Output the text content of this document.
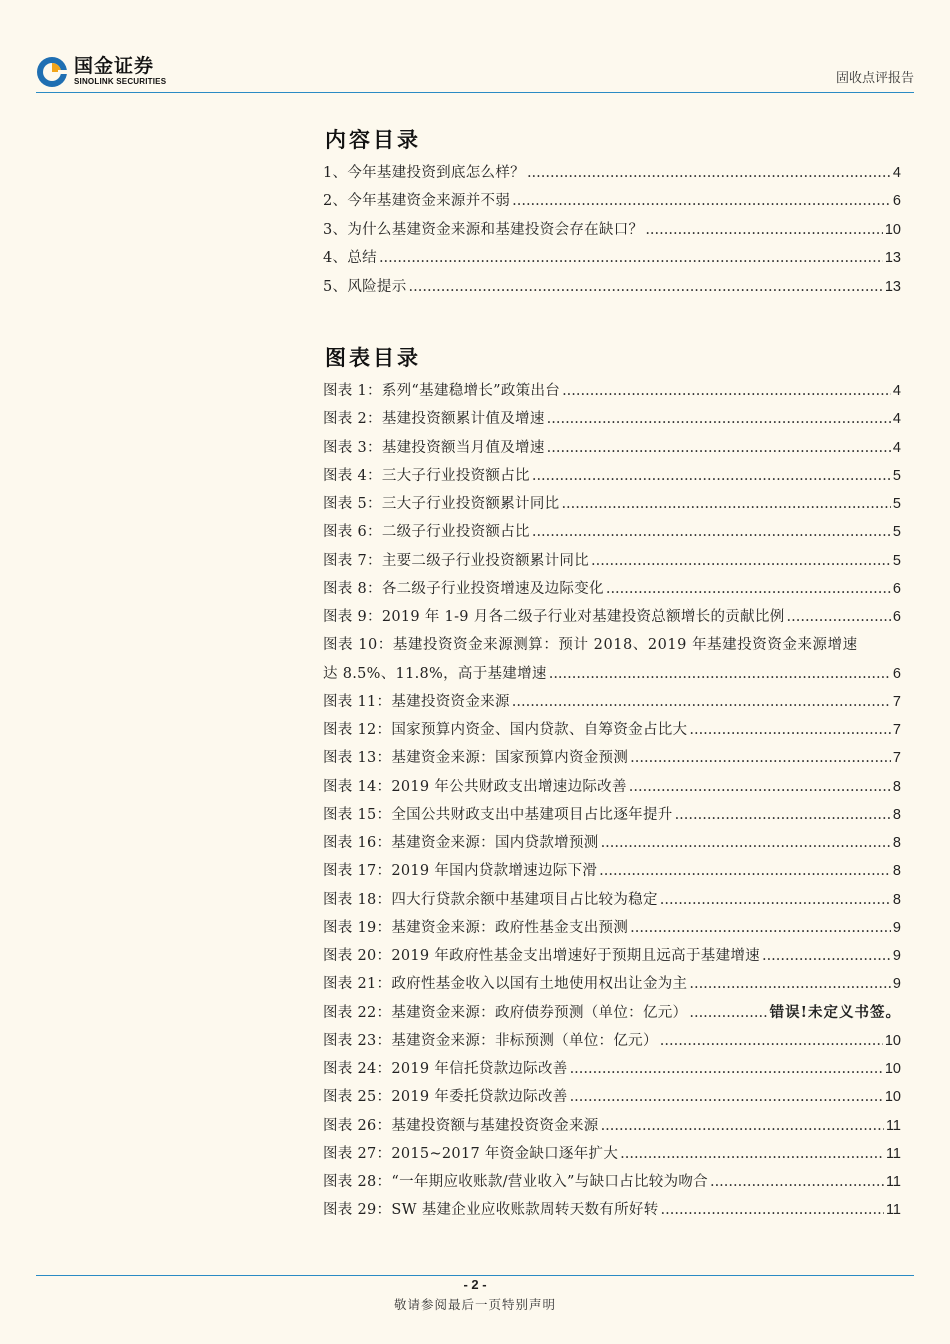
国金证券
SINOLINK SECURITIES	固收点评报告
内容目录
1、今年基建投资到底怎么样？ .....	4
2、今年基建资金来源并不弱 .....	6
3、为什么基建资金来源和基建投资会存在缺口？ .....	10
4、总结 .....	13
5、风险提示 .....	13
图表目录
图表 1：系列“基建稳增长”政策出台 .....	4
图表 2：基建投资额累计值及增速 .....	4
图表 3：基建投资额当月值及增速 .....	4
图表 4：三大子行业投资额占比 .....	5
图表 5：三大子行业投资额累计同比 .....	5
图表 6：二级子行业投资额占比 .....	5
图表 7：主要二级子行业投资额累计同比 .....	5
图表 8：各二级子行业投资增速及边际变化 .....	6
图表 9：2019 年 1-9 月各二级子行业对基建投资总额增长的贡献比例 .....	6
图表 10：基建投资资金来源测算：预计 2018、2019 年基建投资资金来源增速
达 8.5%、11.8%，高于基建增速 .....	6
图表 11：基建投资资金来源 .....	7
图表 12：国家预算内资金、国内贷款、自筹资金占比大 .....	7
图表 13：基建资金来源：国家预算内资金预测 .....	7
图表 14：2019 年公共财政支出增速边际改善 .....	8
图表 15：全国公共财政支出中基建项目占比逐年提升 .....	8
图表 16：基建资金来源：国内贷款增预测 .....	8
图表 17：2019 年国内贷款增速边际下滑 .....	8
图表 18：四大行贷款余额中基建项目占比较为稳定 .....	8
图表 19：基建资金来源：政府性基金支出预测 .....	9
图表 20：2019 年政府性基金支出增速好于预期且远高于基建增速 .....	9
图表 21：政府性基金收入以国有土地使用权出让金为主 .....	9
图表 22：基建资金来源：政府债券预测（单位：亿元） .....	错误!未定义书签。
图表 23：基建资金来源：非标预测（单位：亿元） .....	10
图表 24：2019 年信托贷款边际改善 .....	10
图表 25：2019 年委托贷款边际改善 .....	10
图表 26：基建投资额与基建投资资金来源 .....	11
图表 27：2015~2017 年资金缺口逐年扩大 .....	11
图表 28：“一年期应收账款/营业收入”与缺口占比较为吻合 .....	11
图表 29：SW 基建企业应收账款周转天数有所好转 .....	11
- 2 -
敬请参阅最后一页特别声明
